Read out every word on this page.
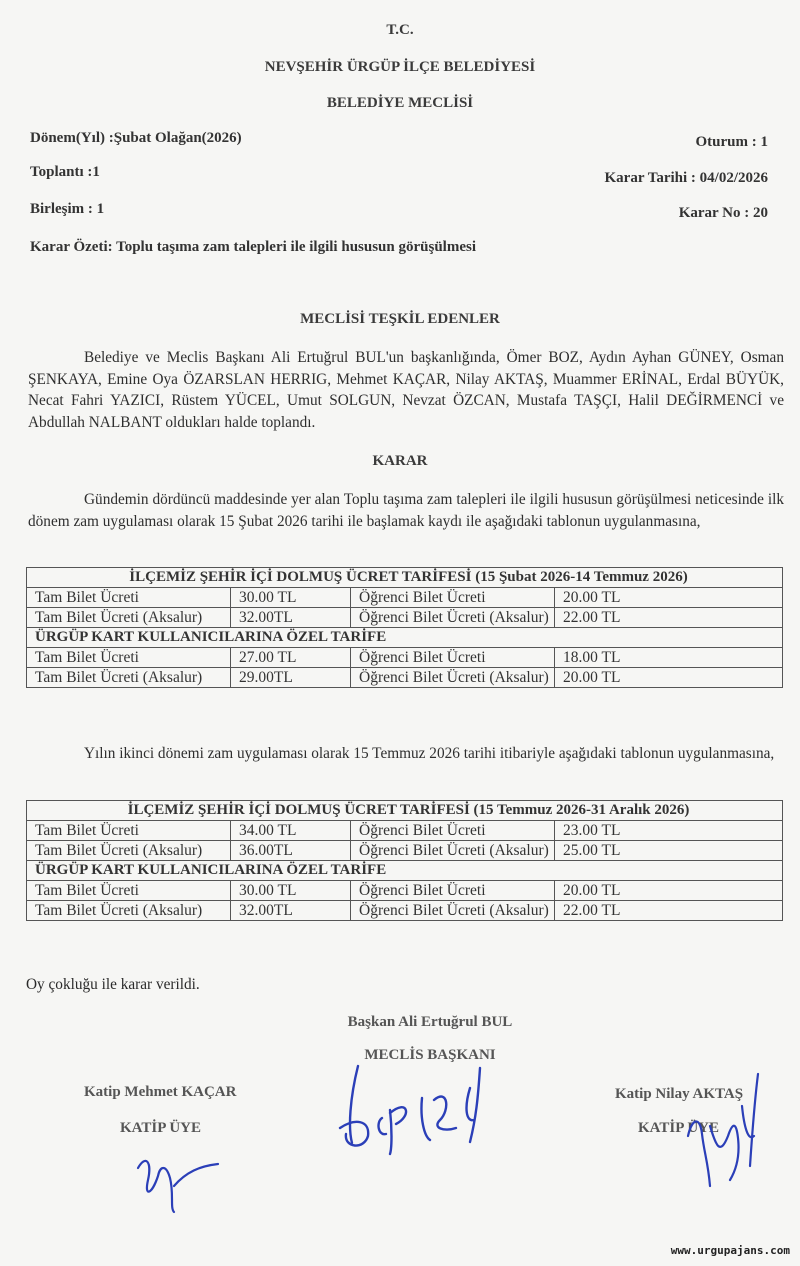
T.C.
NEVŞEHİR ÜRGÜP İLÇE BELEDİYESİ
BELEDİYE MECLİSİ
Dönem(Yıl) :Şubat Olağan(2026)	Oturum : 1
Toplantı :1	Karar Tarihi : 04/02/2026
Birleşim : 1	Karar No : 20
Karar Özeti: Toplu taşıma zam talepleri ile ilgili hususun görüşülmesi
MECLİSİ TEŞKİL EDENLER
Belediye ve Meclis Başkanı Ali Ertuğrul BUL'un başkanlığında, Ömer BOZ, Aydın Ayhan GÜNEY, Osman ŞENKAYA, Emine Oya ÖZARSLAN HERRIG, Mehmet KAÇAR, Nilay AKTAŞ, Muammer ERİNAL, Erdal BÜYÜK, Necat Fahri YAZICI, Rüstem YÜCEL, Umut SOLGUN, Nevzat ÖZCAN, Mustafa TAŞÇI, Halil DEĞİRMENCİ ve Abdullah NALBANT oldukları halde toplandı.
KARAR
Gündemin dördüncü maddesinde yer alan Toplu taşıma zam talepleri ile ilgili hususun görüşülmesi neticesinde ilk dönem zam uygulaması olarak 15 Şubat 2026 tarihi ile başlamak kaydı ile aşağıdaki tablonun uygulanmasına,
İLÇEMİZ ŞEHİR İÇİ DOLMUŞ ÜCRET TARİFESİ (15 Şubat 2026-14 Temmuz 2026)			
Tam Bilet Ücreti	30.00 TL	Öğrenci Bilet Ücreti	20.00 TL
Tam Bilet Ücreti (Aksalur)	32.00TL	Öğrenci Bilet Ücreti (Aksalur)	22.00 TL
ÜRGÜP KART KULLANICILARINA ÖZEL TARİFE			
Tam Bilet Ücreti	27.00 TL	Öğrenci Bilet Ücreti	18.00 TL
Tam Bilet Ücreti (Aksalur)	29.00TL	Öğrenci Bilet Ücreti (Aksalur)	20.00 TL
Yılın ikinci dönemi zam uygulaması olarak 15 Temmuz 2026 tarihi itibariyle aşağıdaki tablonun uygulanmasına,
İLÇEMİZ ŞEHİR İÇİ DOLMUŞ ÜCRET TARİFESİ (15 Temmuz 2026-31 Aralık 2026)			
Tam Bilet Ücreti	34.00 TL	Öğrenci Bilet Ücreti	23.00 TL
Tam Bilet Ücreti (Aksalur)	36.00TL	Öğrenci Bilet Ücreti (Aksalur)	25.00 TL
ÜRGÜP KART KULLANICILARINA ÖZEL TARİFE			
Tam Bilet Ücreti	30.00 TL	Öğrenci Bilet Ücreti	20.00 TL
Tam Bilet Ücreti (Aksalur)	32.00TL	Öğrenci Bilet Ücreti (Aksalur)	22.00 TL
Oy çokluğu ile karar verildi.
Başkan Ali Ertuğrul BUL
MECLİS BAŞKANI
Katip Mehmet KAÇAR
KATİP ÜYE
Katip Nilay AKTAŞ
KATİP ÜYE
www.urgupajans.com
